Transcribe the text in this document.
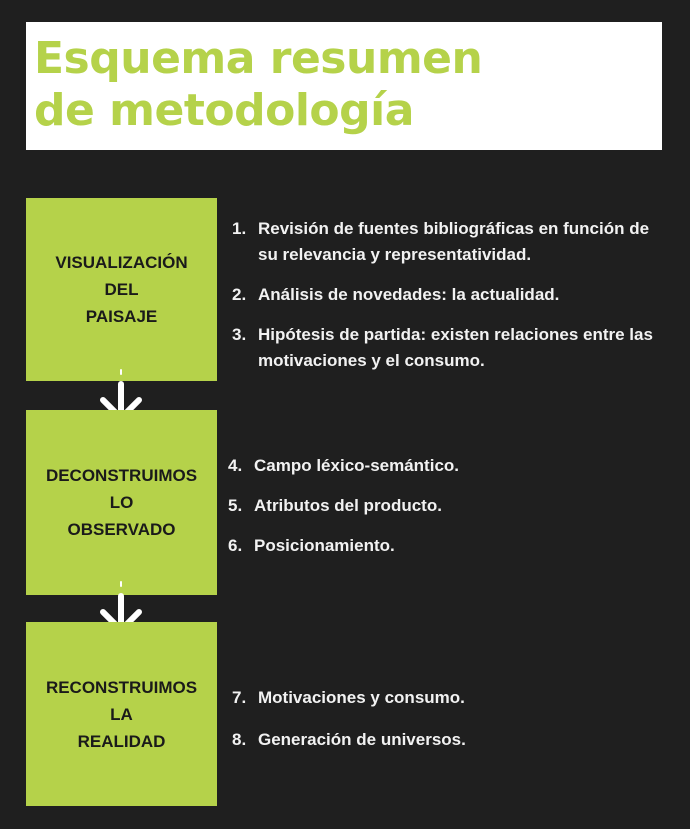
Esquema resumen
de metodología
VISUALIZACIÓN
DEL
PAISAJE
DECONSTRUIMOS
LO
OBSERVADO
RECONSTRUIMOS
LA
REALIDAD
1. Revisión de fuentes bibliográficas en función de su relevancia y representatividad.
2. Análisis de novedades: la actualidad.
3. Hipótesis de partida: existen relaciones entre las motivaciones y el consumo.
4. Campo léxico-semántico.
5. Atributos del producto.
6. Posicionamiento.
7. Motivaciones y consumo.
8. Generación de universos.
